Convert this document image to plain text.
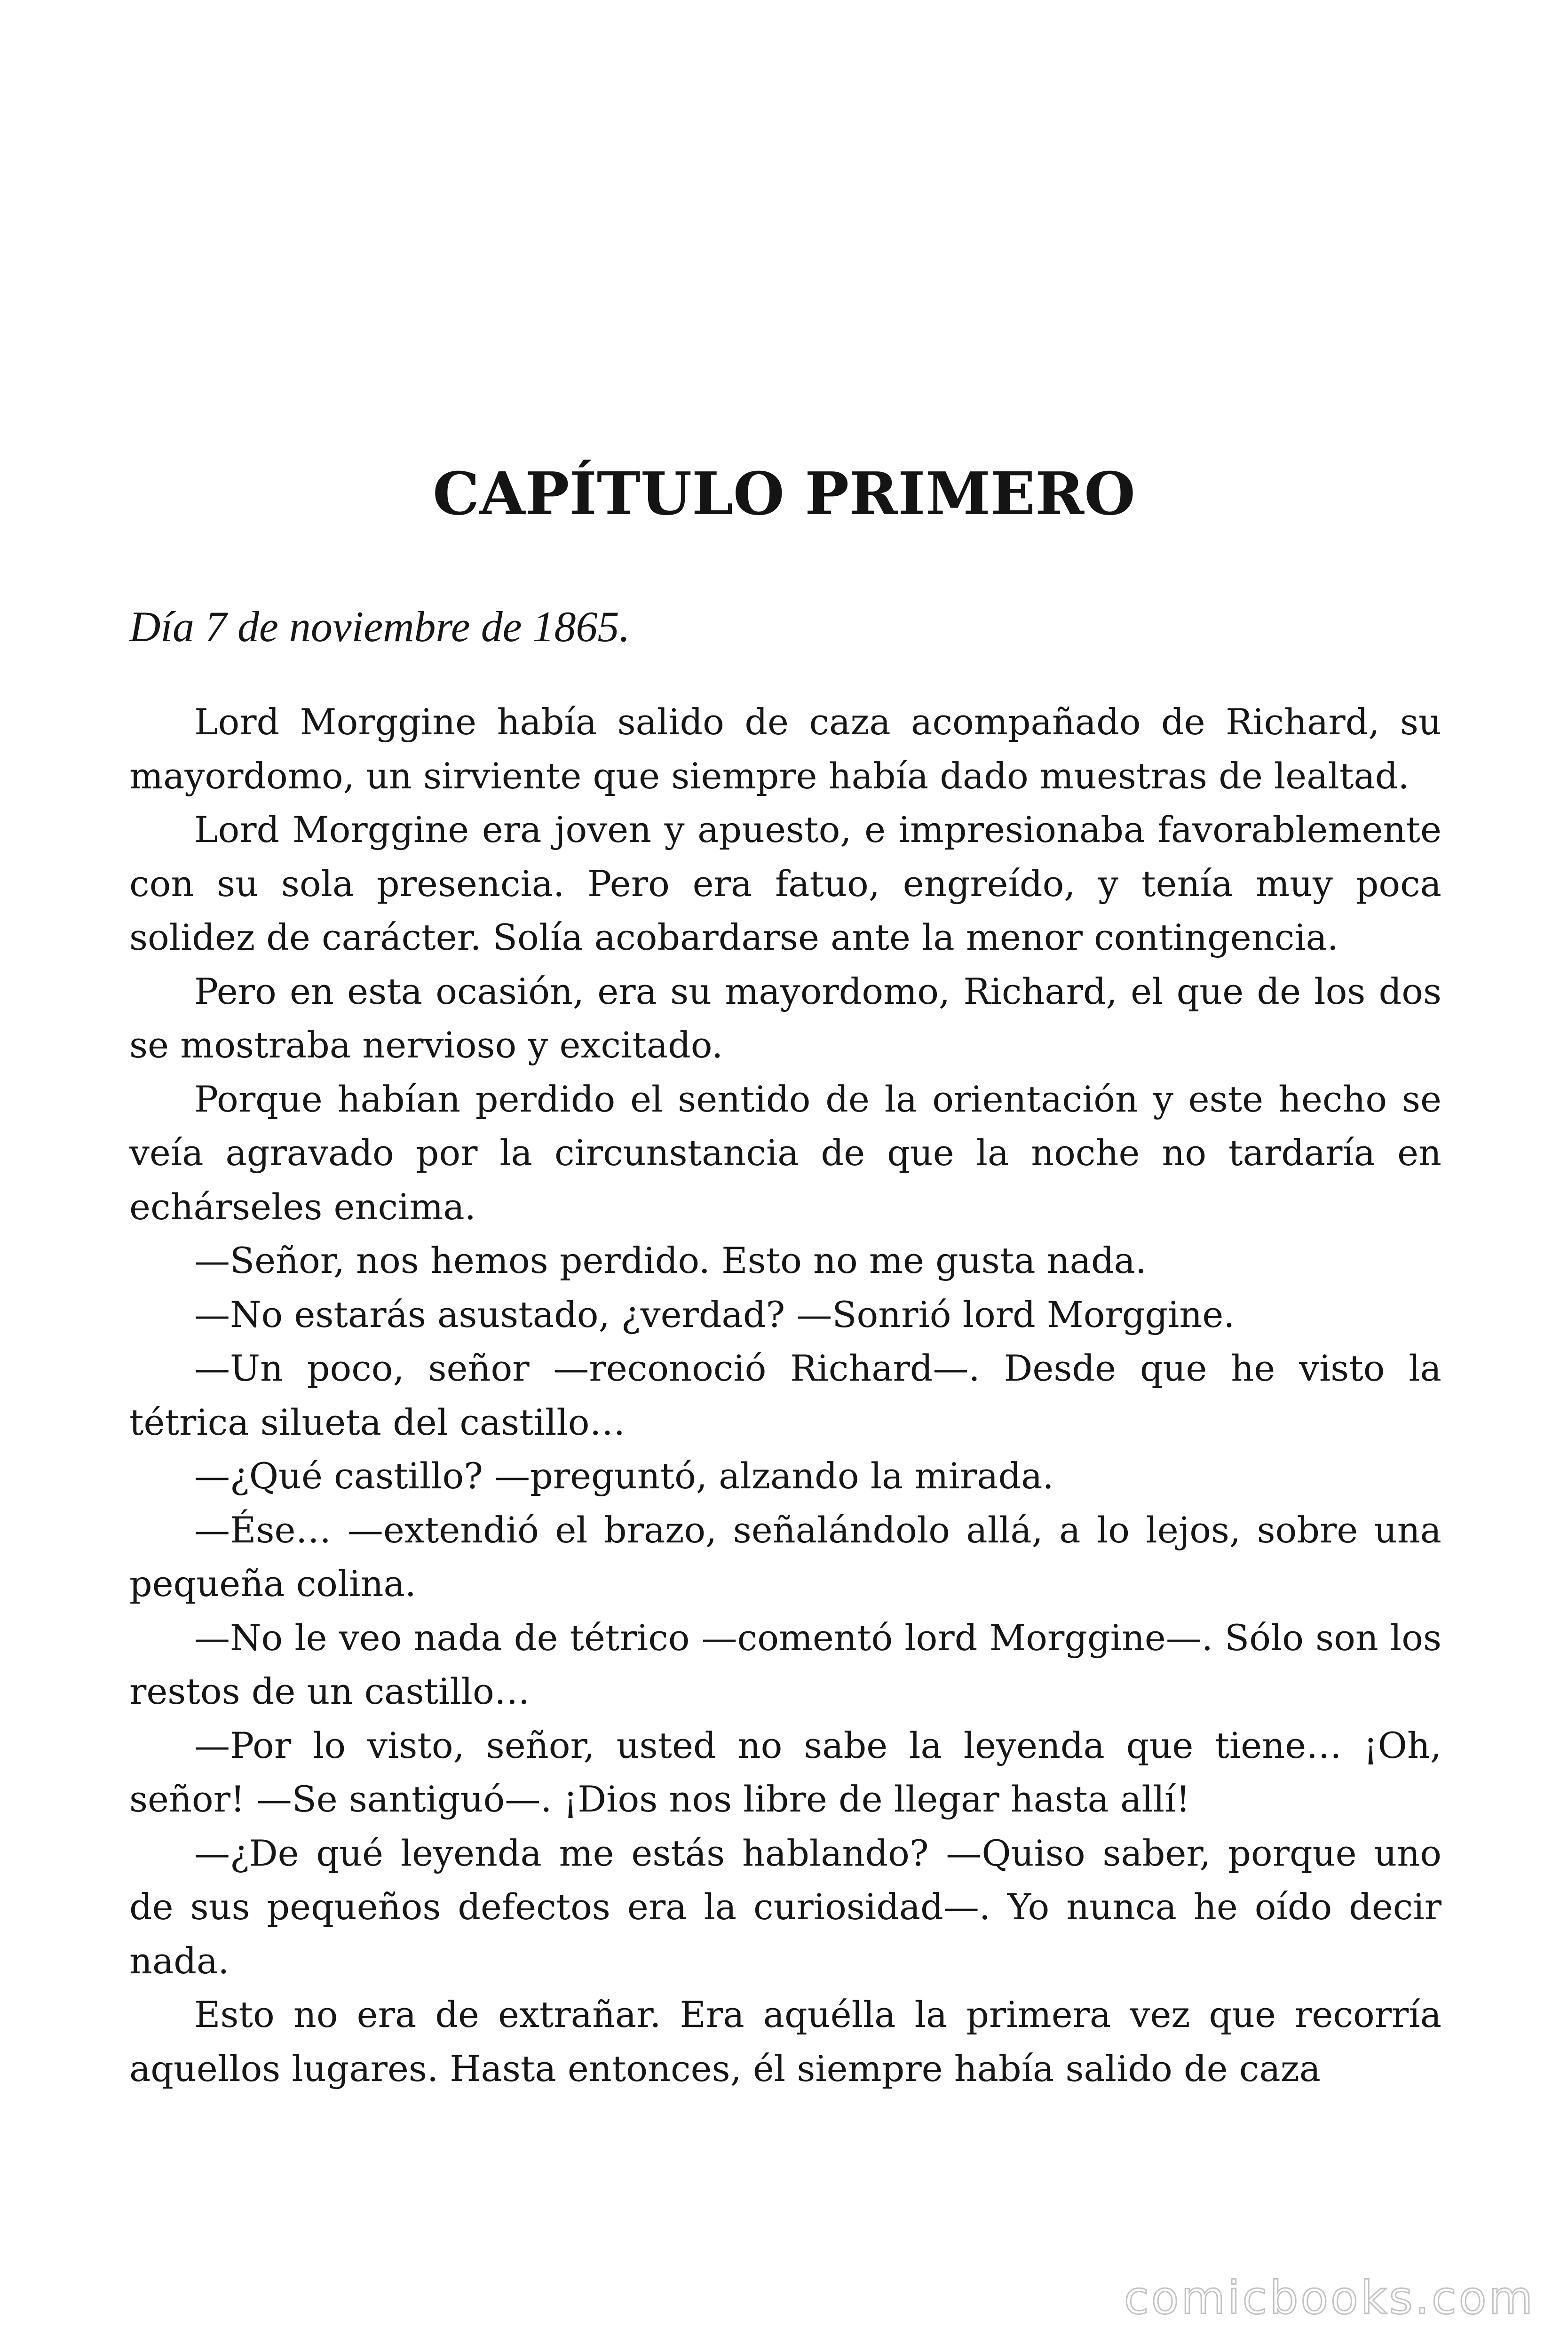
CAPÍTULO PRIMERO

Día 7 de noviembre de 1865.

Lord Morggine había salido de caza acompañado de Richard, su mayordomo, un sirviente que siempre había dado muestras de lealtad.

Lord Morggine era joven y apuesto, e impresionaba favorablemente con su sola presencia. Pero era fatuo, engreído, y tenía muy poca solidez de carácter. Solía acobardarse ante la menor contingencia.

Pero en esta ocasión, era su mayordomo, Richard, el que de los dos se mostraba nervioso y excitado.

Porque habían perdido el sentido de la orientación y este hecho se veía agravado por la circunstancia de que la noche no tardaría en echárseles encima.

—Señor, nos hemos perdido. Esto no me gusta nada.

—No estarás asustado, ¿verdad? —Sonrió lord Morggine.

—Un poco, señor —reconoció Richard—. Desde que he visto la tétrica silueta del castillo…

—¿Qué castillo? —preguntó, alzando la mirada.

—Ése… —extendió el brazo, señalándolo allá, a lo lejos, sobre una pequeña colina.

—No le veo nada de tétrico —comentó lord Morggine—. Sólo son los restos de un castillo…

—Por lo visto, señor, usted no sabe la leyenda que tiene… ¡Oh, señor! —Se santiguó—. ¡Dios nos libre de llegar hasta allí!

—¿De qué leyenda me estás hablando? —Quiso saber, porque uno de sus pequeños defectos era la curiosidad—. Yo nunca he oído decir nada.

Esto no era de extrañar. Era aquélla la primera vez que recorría aquellos lugares. Hasta entonces, él siempre había salido de caza

comicbooks.com
